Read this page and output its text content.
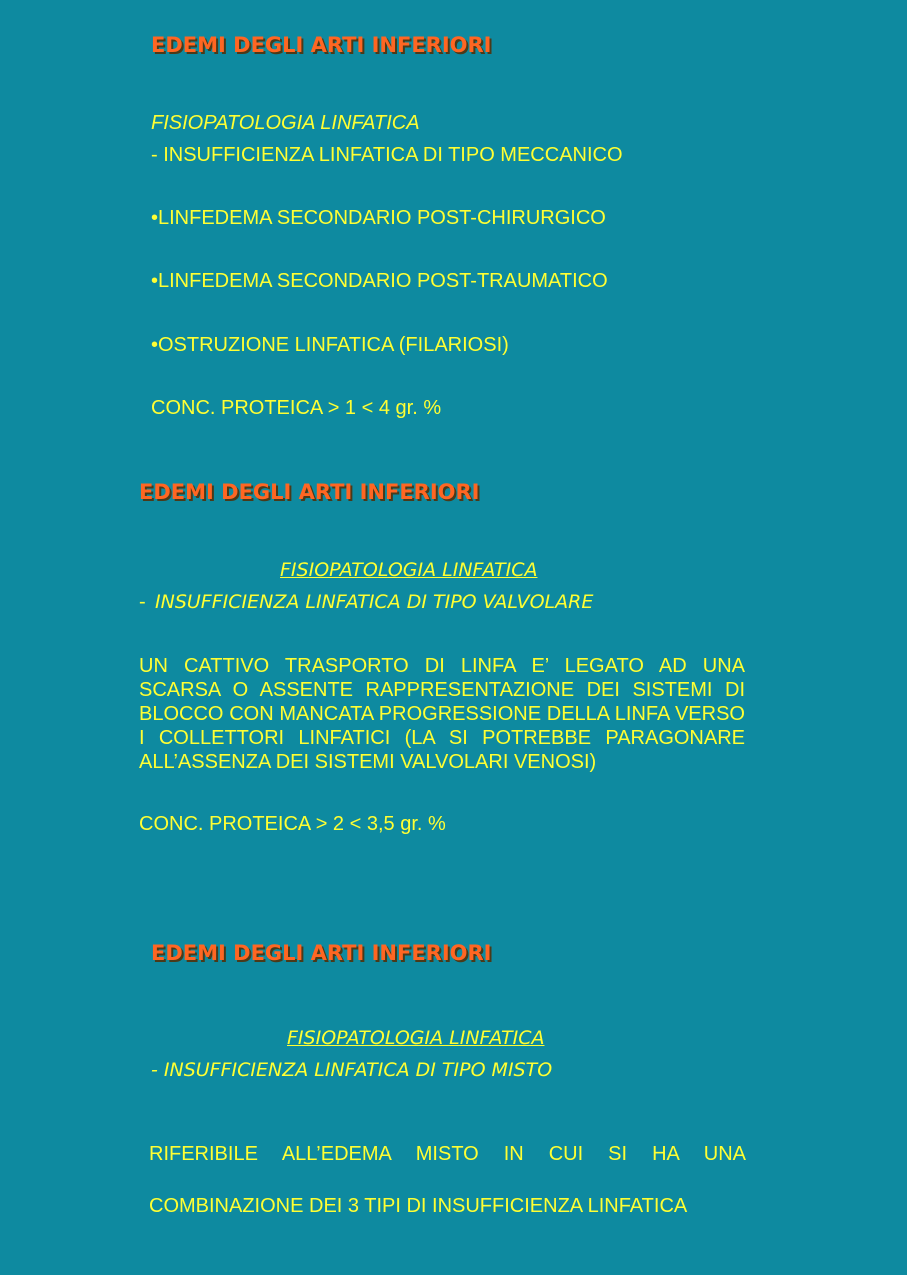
EDEMI DEGLI ARTI INFERIORI

FISIOPATOLOGIA LINFATICA

- INSUFFICIENZA LINFATICA DI TIPO MECCANICO

•LINFEDEMA SECONDARIO POST-CHIRURGICO

•LINFEDEMA SECONDARIO POST-TRAUMATICO

•OSTRUZIONE LINFATICA (FILARIOSI)

CONC. PROTEICA > 1 < 4 gr. %

EDEMI DEGLI ARTI INFERIORI

FISIOPATOLOGIA LINFATICA

- INSUFFICIENZA LINFATICA DI TIPO VALVOLARE

UN CATTIVO TRASPORTO DI LINFA E’ LEGATO AD UNA
SCARSA O ASSENTE RAPPRESENTAZIONE DEI SISTEMI DI
BLOCCO CON MANCATA PROGRESSIONE DELLA LINFA VERSO
I COLLETTORI LINFATICI (LA SI POTREBBE PARAGONARE
ALL’ASSENZA DEI SISTEMI VALVOLARI VENOSI)

CONC. PROTEICA > 2 < 3,5 gr. %

EDEMI DEGLI ARTI INFERIORI

FISIOPATOLOGIA LINFATICA

- INSUFFICIENZA LINFATICA DI TIPO MISTO

RIFERIBILE ALL’EDEMA MISTO IN CUI SI HA UNA

COMBINAZIONE DEI 3 TIPI DI INSUFFICIENZA LINFATICA
